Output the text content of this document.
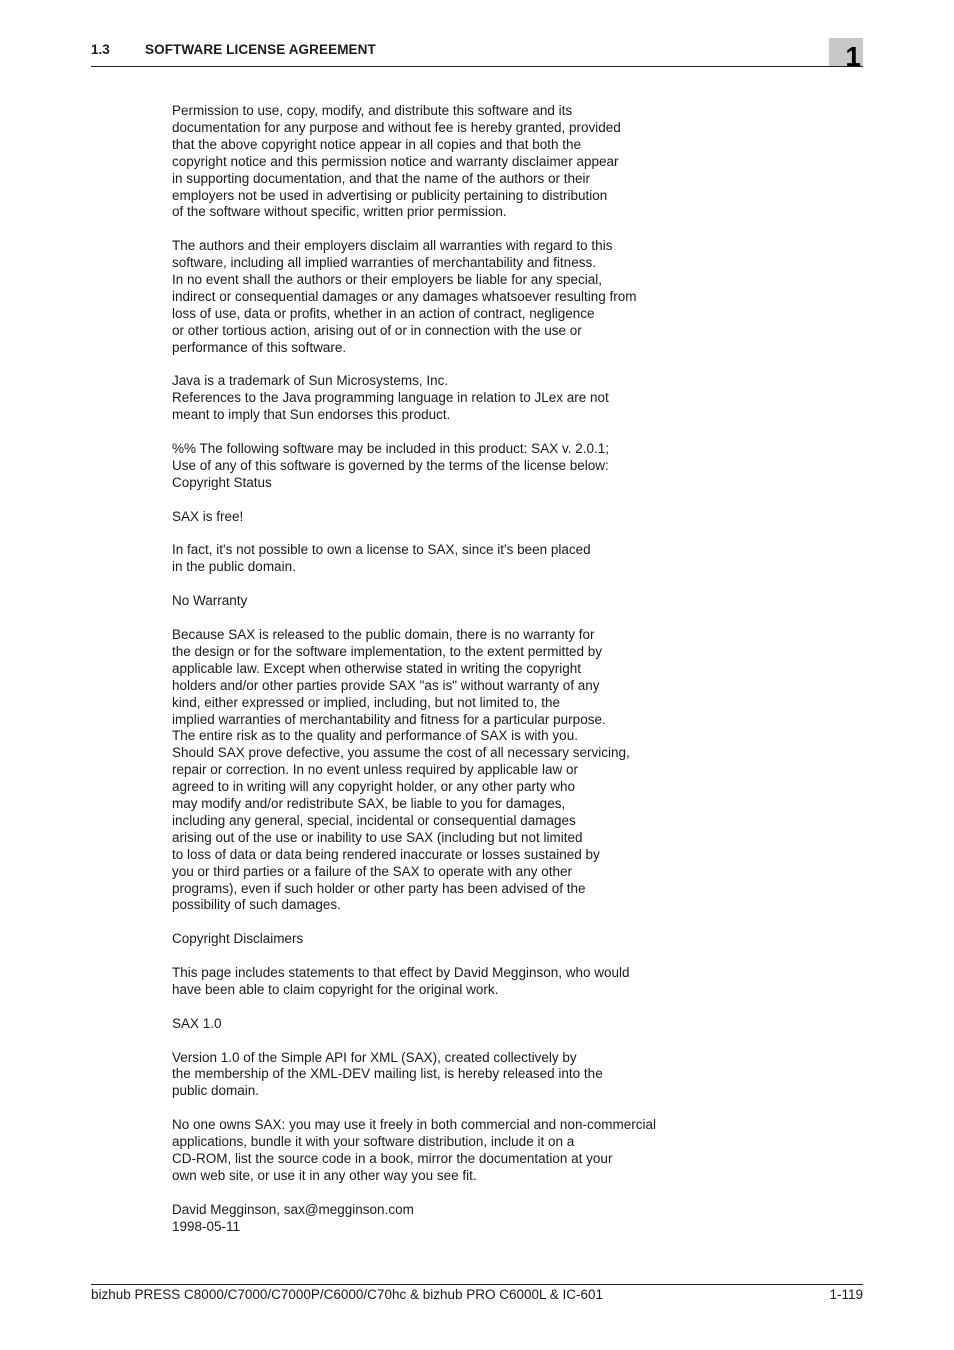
1.3	SOFTWARE LICENSE AGREEMENT	1

Permission to use, copy, modify, and distribute this software and its
documentation for any purpose and without fee is hereby granted, provided
that the above copyright notice appear in all copies and that both the
copyright notice and this permission notice and warranty disclaimer appear
in supporting documentation, and that the name of the authors or their
employers not be used in advertising or publicity pertaining to distribution
of the software without specific, written prior permission.

The authors and their employers disclaim all warranties with regard to this
software, including all implied warranties of merchantability and fitness.
In no event shall the authors or their employers be liable for any special,
indirect or consequential damages or any damages whatsoever resulting from
loss of use, data or profits, whether in an action of contract, negligence
or other tortious action, arising out of or in connection with the use or
performance of this software.

Java is a trademark of Sun Microsystems, Inc.
References to the Java programming language in relation to JLex are not
meant to imply that Sun endorses this product.

%% The following software may be included in this product: SAX v. 2.0.1;
Use of any of this software is governed by the terms of the license below:
Copyright Status

SAX is free!

In fact, it's not possible to own a license to SAX, since it's been placed
in the public domain.

No Warranty

Because SAX is released to the public domain, there is no warranty for
the design or for the software implementation, to the extent permitted by
applicable law. Except when otherwise stated in writing the copyright
holders and/or other parties provide SAX "as is" without warranty of any
kind, either expressed or implied, including, but not limited to, the
implied warranties of merchantability and fitness for a particular purpose.
The entire risk as to the quality and performance of SAX is with you.
Should SAX prove defective, you assume the cost of all necessary servicing,
repair or correction. In no event unless required by applicable law or
agreed to in writing will any copyright holder, or any other party who
may modify and/or redistribute SAX, be liable to you for damages,
including any general, special, incidental or consequential damages
arising out of the use or inability to use SAX (including but not limited
to loss of data or data being rendered inaccurate or losses sustained by
you or third parties or a failure of the SAX to operate with any other
programs), even if such holder or other party has been advised of the
possibility of such damages.

Copyright Disclaimers

This page includes statements to that effect by David Megginson, who would
have been able to claim copyright for the original work.

SAX 1.0

Version 1.0 of the Simple API for XML (SAX), created collectively by
the membership of the XML-DEV mailing list, is hereby released into the
public domain.

No one owns SAX: you may use it freely in both commercial and non-commercial
applications, bundle it with your software distribution, include it on a
CD-ROM, list the source code in a book, mirror the documentation at your
own web site, or use it in any other way you see fit.

David Megginson, sax@megginson.com
1998-05-11

bizhub PRESS C8000/C7000/C7000P/C6000/C70hc & bizhub PRO C6000L & IC-601	1-119
